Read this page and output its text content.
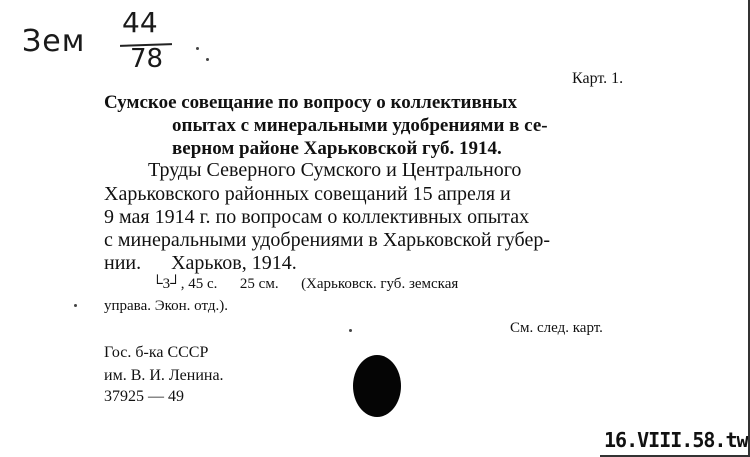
Зем
44
78
Карт. 1.
Сумское совещание по вопросу о коллективных
опытах с минеральными удобрениями в се-
верном районе Харьковской губ. 1914.
Труды Северного Сумского и Центрального
Харьковского районных совещаний 15 апреля и
9 мая 1914 г. по вопросам о коллективных опытах
с минеральными удобрениями в Харьковской губер-
нии.      Харьков, 1914.
└3┘, 45 с.      25 см.      (Харьковск. губ. земская
управа. Экон. отд.).
См. след. карт.
Гос. б-ка СССР
им. В. И. Ленина.
37925 — 49
16.VIII.58.tw
